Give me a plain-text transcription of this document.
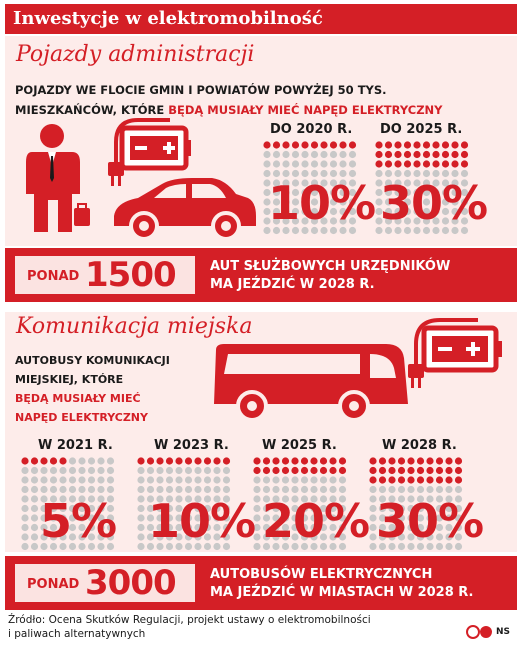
Inwestycje w elektromobilność
Pojazdy administracji
POJAZDY WE FLOCIE GMIN I POWIATÓW POWYŻEJ 50 TYS.
MIESZKAŃCÓW, KTÓRE BĘDĄ MUSIAŁY MIEĆ NAPĘD ELEKTRYCZNY
DO 2020 R. DO 2025 R.
10% 30%
PONAD 1500	AUT SŁUŻBOWYCH URZĘDNIKÓW
MA JEŹDZIĆ W 2028 R.
Komunikacja miejska
AUTOBUSY KOMUNIKACJI
MIEJSKIEJ, KTÓRE
BĘDĄ MUSIAŁY MIEĆ
NAPĘD ELEKTRYCZNY
W 2021 R.	W 2023 R.	W 2025 R.	W 2028 R.
5% 10% 20% 30%
PONAD 3000	AUTOBUSÓW ELEKTRYCZNYCH
MA JEŹDZIĆ W MIASTACH W 2028 R.
Źródło: Ocena Skutków Regulacji, projekt ustawy o elektromobilności
i paliwach alternatywnych	NS
